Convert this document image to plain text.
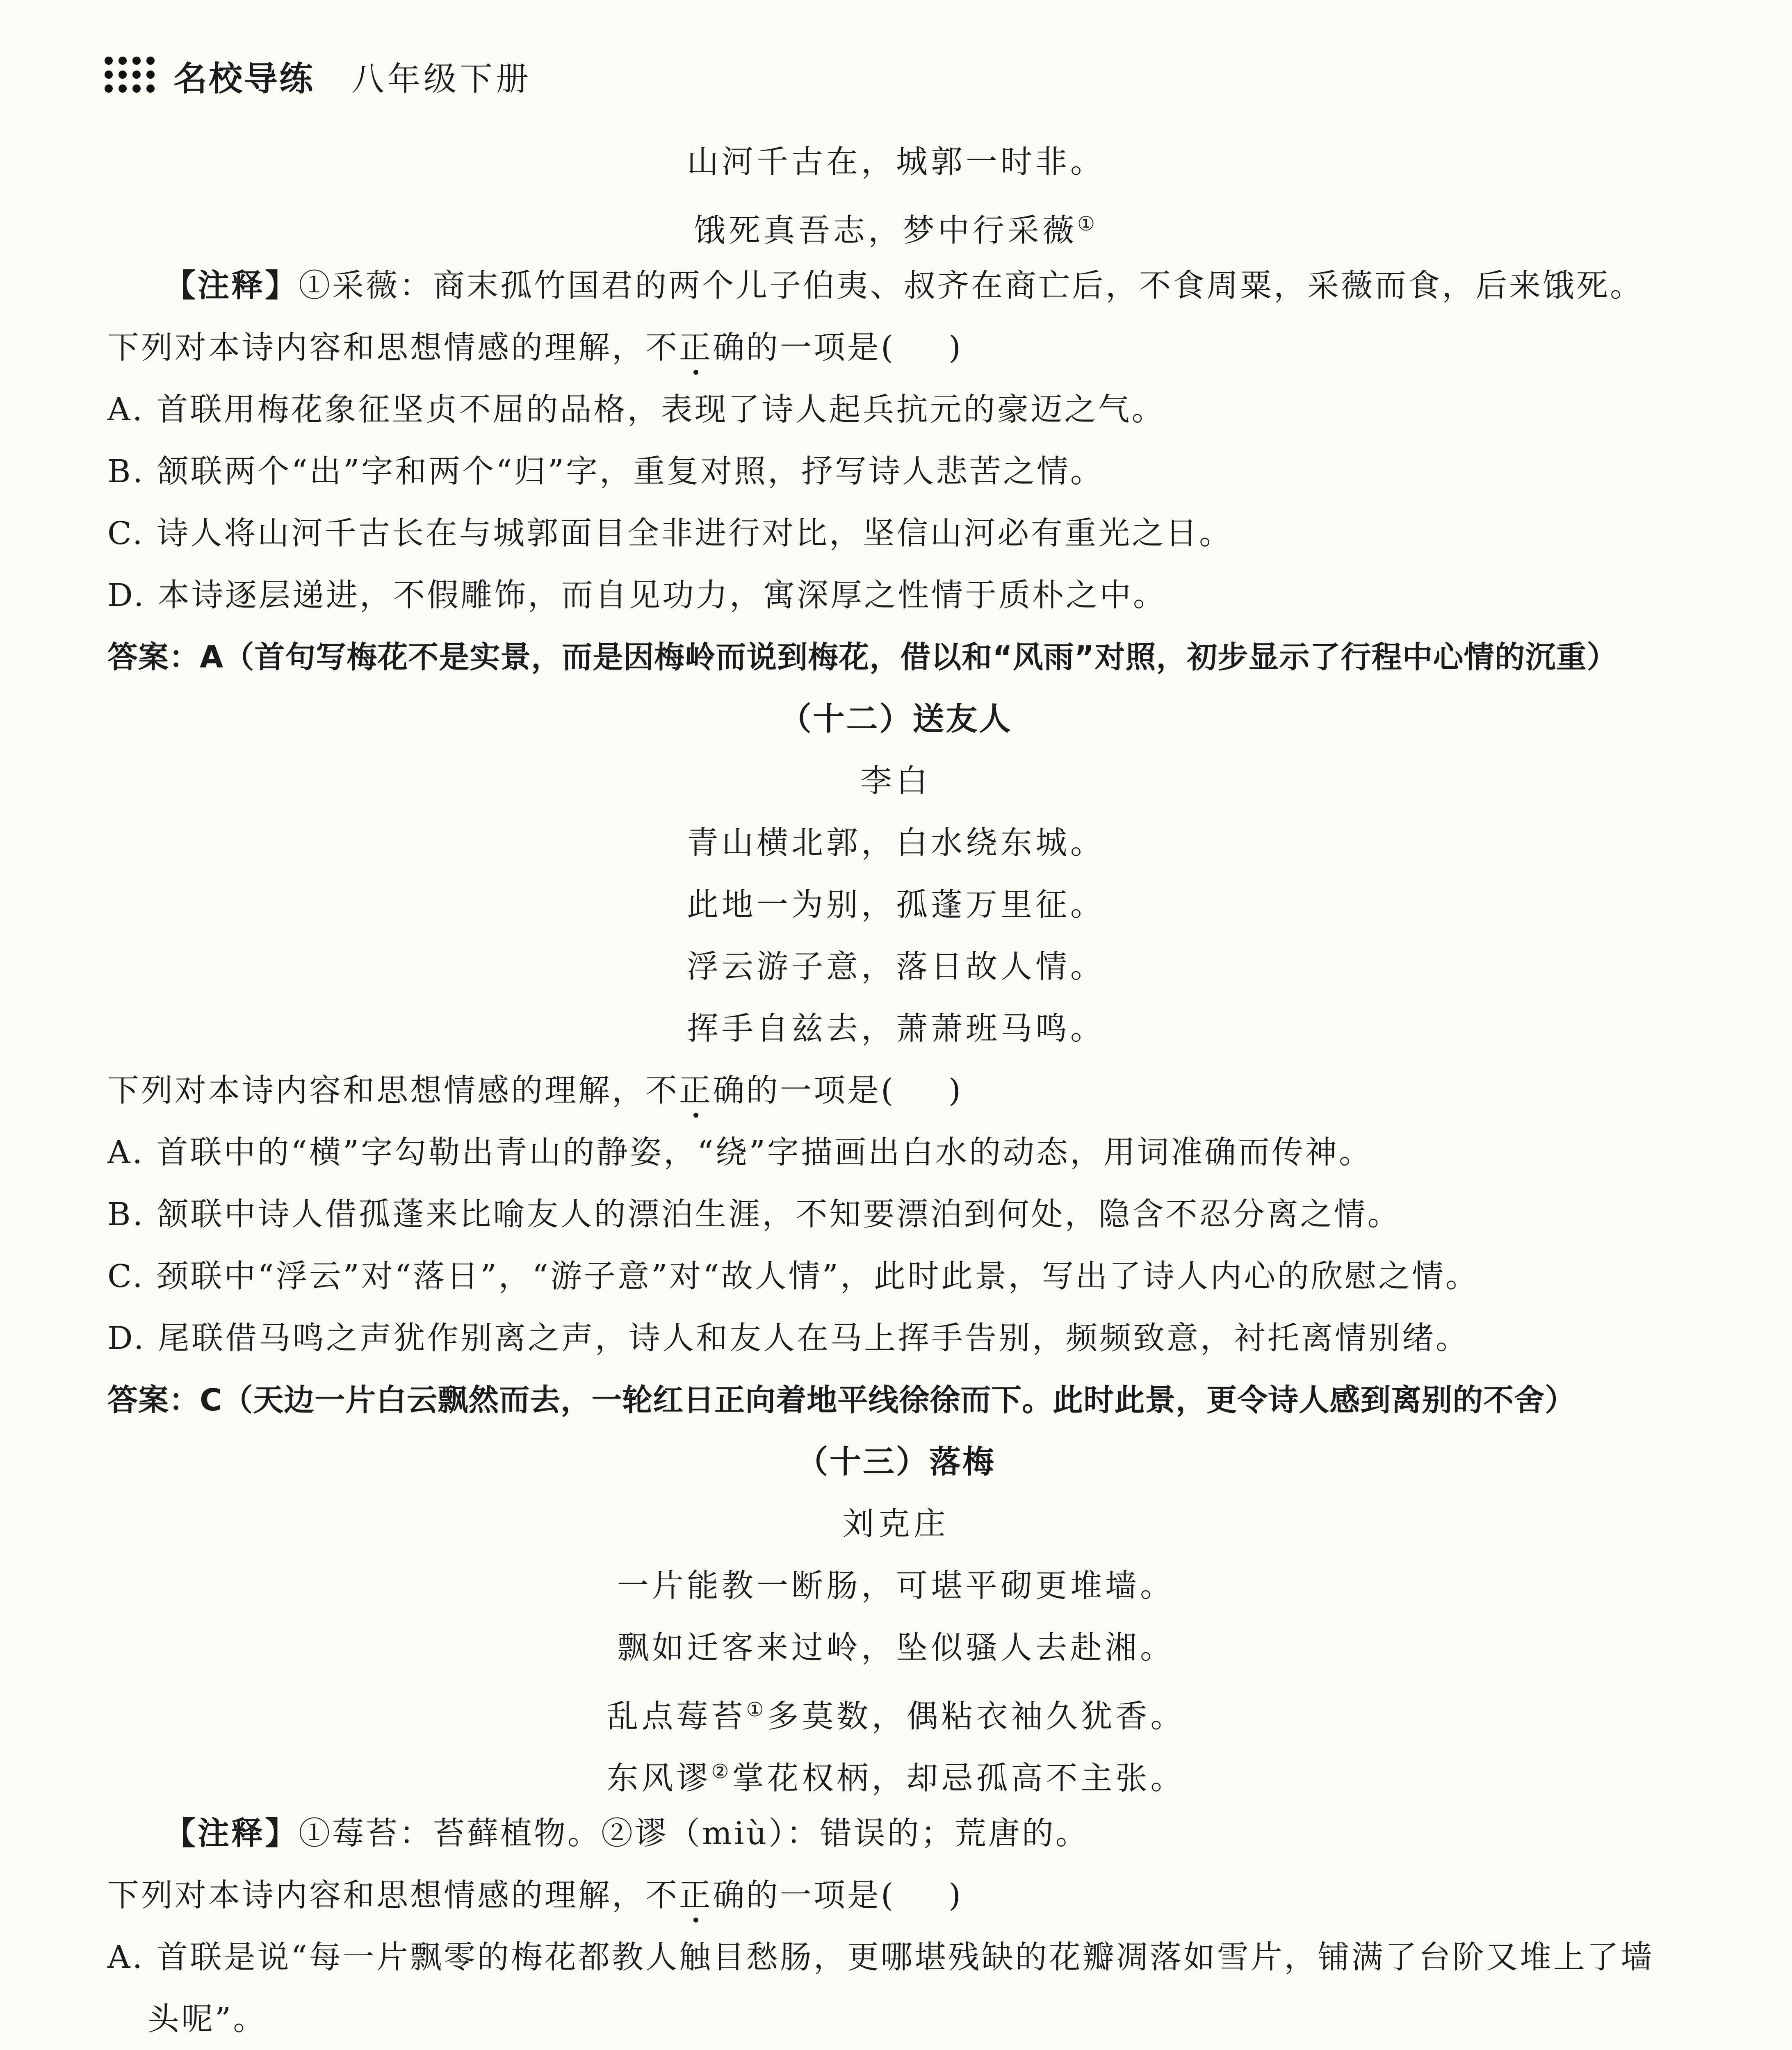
名校导练 八年级下册
山河千古在，城郭一时非。
饿死真吾志，梦中行采薇①
【注释】①采薇：商末孤竹国君的两个儿子伯夷、叔齐在商亡后，不食周粟，采薇而食，后来饿死。
下列对本诗内容和思想情感的理解，不正确的一项是( )
A. 首联用梅花象征坚贞不屈的品格，表现了诗人起兵抗元的豪迈之气。
B. 颔联两个“出”字和两个“归”字，重复对照，抒写诗人悲苦之情。
C. 诗人将山河千古长在与城郭面目全非进行对比，坚信山河必有重光之日。
D. 本诗逐层递进，不假雕饰，而自见功力，寓深厚之性情于质朴之中。
答案：A（首句写梅花不是实景，而是因梅岭而说到梅花，借以和“风雨”对照，初步显示了行程中心情的沉重）
（十二）送友人
李白
青山横北郭，白水绕东城。
此地一为别，孤蓬万里征。
浮云游子意，落日故人情。
挥手自兹去，萧萧班马鸣。
下列对本诗内容和思想情感的理解，不正确的一项是( )
A. 首联中的“横”字勾勒出青山的静姿，“绕”字描画出白水的动态，用词准确而传神。
B. 颔联中诗人借孤蓬来比喻友人的漂泊生涯，不知要漂泊到何处，隐含不忍分离之情。
C. 颈联中“浮云”对“落日”，“游子意”对“故人情”，此时此景，写出了诗人内心的欣慰之情。
D. 尾联借马鸣之声犹作别离之声，诗人和友人在马上挥手告别，频频致意，衬托离情别绪。
答案：C（天边一片白云飘然而去，一轮红日正向着地平线徐徐而下。此时此景，更令诗人感到离别的不舍）
（十三）落梅
刘克庄
一片能教一断肠，可堪平砌更堆墙。
飘如迁客来过岭，坠似骚人去赴湘。
乱点莓苔①多莫数，偶粘衣袖久犹香。
东风谬②掌花权柄，却忌孤高不主张。
【注释】①莓苔：苔藓植物。②谬（miù）：错误的；荒唐的。
下列对本诗内容和思想情感的理解，不正确的一项是( )
A. 首联是说“每一片飘零的梅花都教人触目愁肠，更哪堪残缺的花瓣凋落如雪片，铺满了台阶又堆上了墙
头呢”。
